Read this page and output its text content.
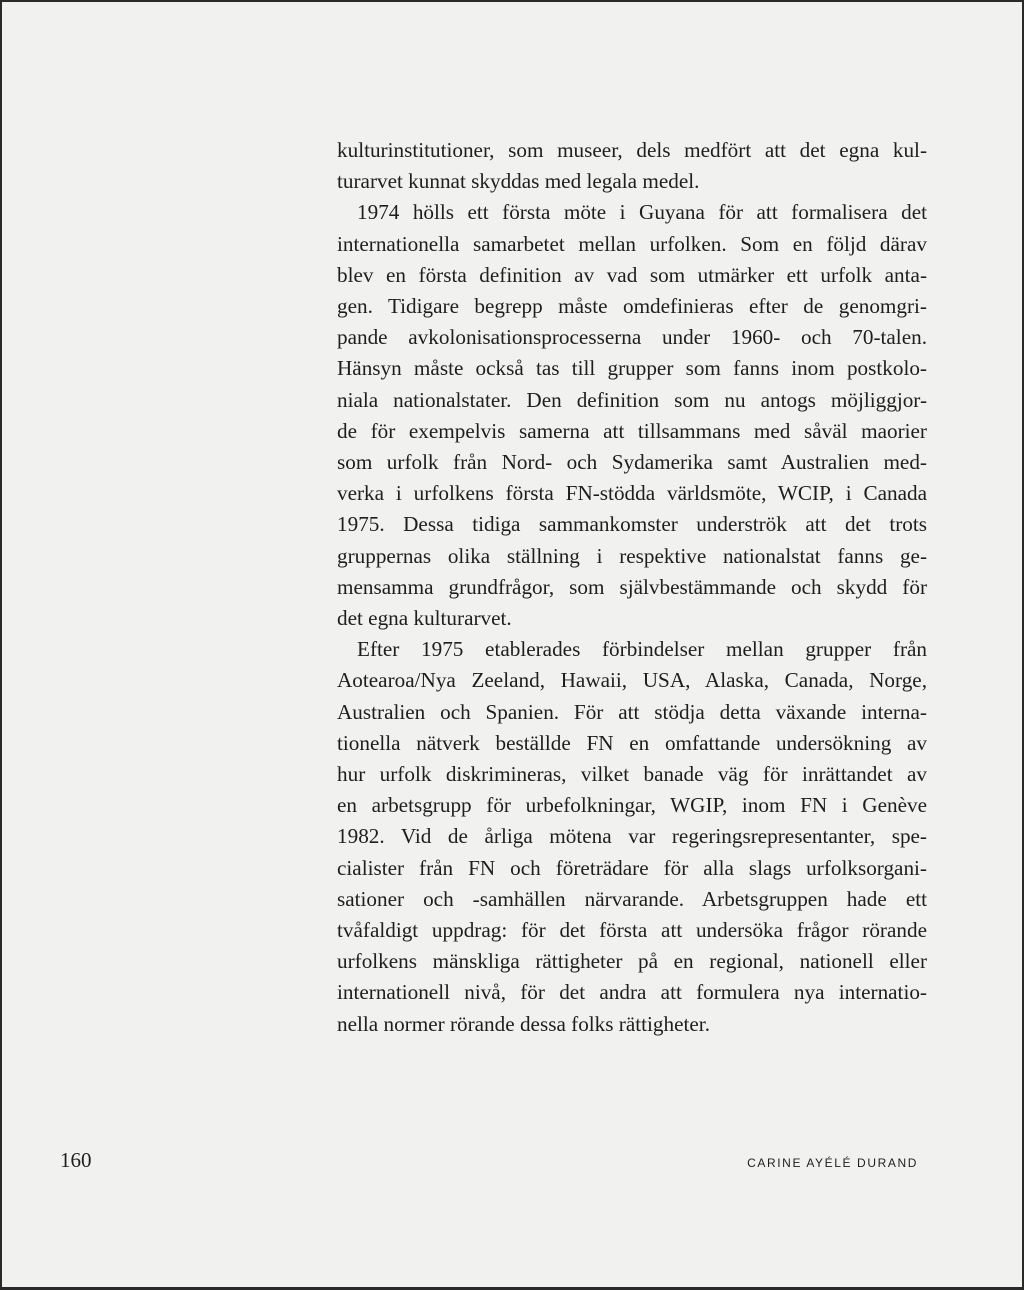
kulturinstitutioner, som museer, dels medfört att det egna kul-
turarvet kunnat skyddas med legala medel.
1974 hölls ett första möte i Guyana för att formalisera det
internationella samarbetet mellan urfolken. Som en följd därav
blev en första definition av vad som utmärker ett urfolk anta-
gen. Tidigare begrepp måste omdefinieras efter de genomgri-
pande avkolonisationsprocesserna under 1960- och 70-talen.
Hänsyn måste också tas till grupper som fanns inom postkolo-
niala nationalstater. Den definition som nu antogs möjliggjor-
de för exempelvis samerna att tillsammans med såväl maorier
som urfolk från Nord- och Sydamerika samt Australien med-
verka i urfolkens första FN-stödda världsmöte, WCIP, i Canada
1975. Dessa tidiga sammankomster underströk att det trots
gruppernas olika ställning i respektive nationalstat fanns ge-
mensamma grundfrågor, som självbestämmande och skydd för
det egna kulturarvet.
Efter 1975 etablerades förbindelser mellan grupper från
Aotearoa/Nya Zeeland, Hawaii, USA, Alaska, Canada, Norge,
Australien och Spanien. För att stödja detta växande interna-
tionella nätverk beställde FN en omfattande undersökning av
hur urfolk diskrimineras, vilket banade väg för inrättandet av
en arbetsgrupp för urbefolkningar, WGIP, inom FN i Genève
1982. Vid de årliga mötena var regeringsrepresentanter, spe-
cialister från FN och företrädare för alla slags urfolksorgani-
sationer och -samhällen närvarande. Arbetsgruppen hade ett
tvåfaldigt uppdrag: för det första att undersöka frågor rörande
urfolkens mänskliga rättigheter på en regional, nationell eller
internationell nivå, för det andra att formulera nya internatio-
nella normer rörande dessa folks rättigheter.
160	CARINE AYÉLÉ DURAND
